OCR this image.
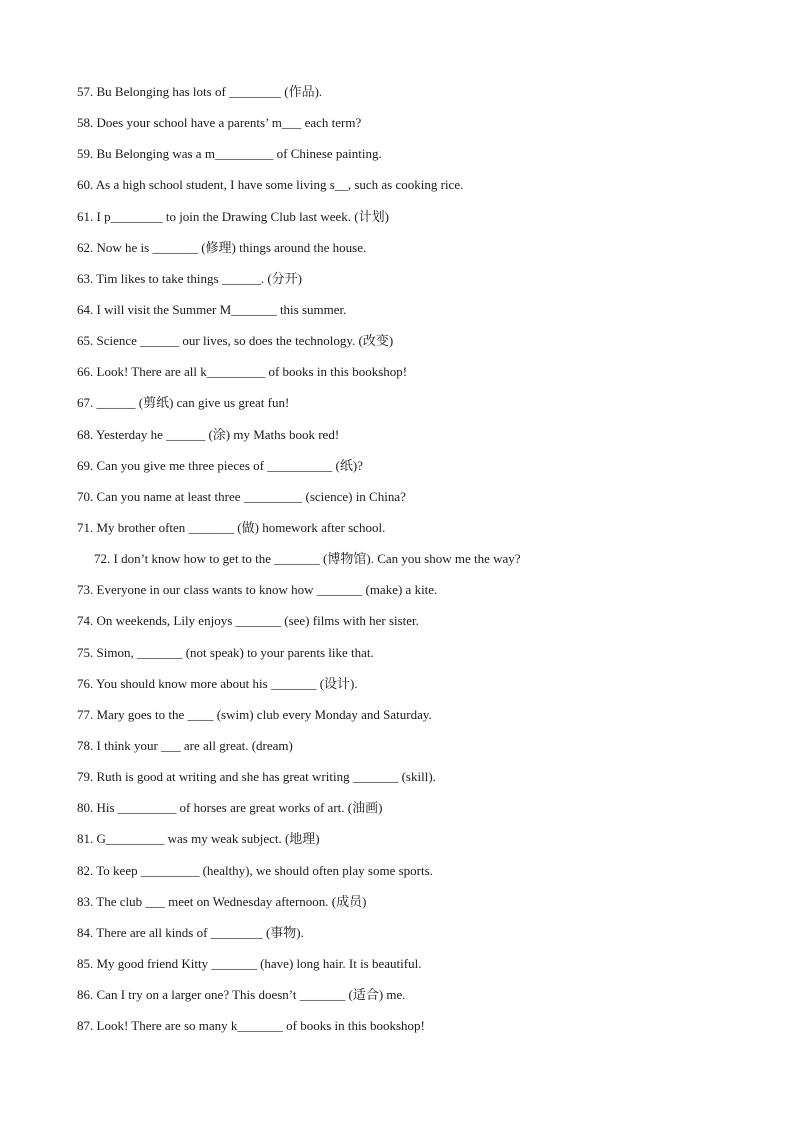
57. Bu Belonging has lots of ________ (作品).
58. Does your school have a parents’ m___ each term?
59. Bu Belonging was a m_________ of Chinese painting.
60. As a high school student, I have some living s__, such as cooking rice.
61. I p________ to join the Drawing Club last week. (计划)
62. Now he is _______ (修理) things around the house.
63. Tim likes to take things ______. (分开)
64. I will visit the Summer M_______ this summer.
65. Science ______ our lives, so does the technology. (改变)
66. Look! There are all k_________ of books in this bookshop!
67. ______ (剪纸) can give us great fun!
68. Yesterday he ______ (涂) my Maths book red!
69. Can you give me three pieces of __________ (纸)?
70. Can you name at least three _________ (science) in China?
71. My brother often _______ (做) homework after school.
72. I don’t know how to get to the _______ (博物馆). Can you show me the way?
73. Everyone in our class wants to know how _______ (make) a kite.
74. On weekends, Lily enjoys _______ (see) films with her sister.
75. Simon, _______ (not speak) to your parents like that.
76. You should know more about his _______ (设计).
77. Mary goes to the ____ (swim) club every Monday and Saturday.
78. I think your ___ are all great. (dream)
79. Ruth is good at writing and she has great writing _______ (skill).
80. His _________ of horses are great works of art. (油画)
81. G_________ was my weak subject. (地理)
82. To keep _________ (healthy), we should often play some sports.
83. The club ___ meet on Wednesday afternoon. (成员)
84. There are all kinds of ________ (事物).
85. My good friend Kitty _______ (have) long hair. It is beautiful.
86. Can I try on a larger one? This doesn’t _______ (适合) me.
87. Look! There are so many k_______ of books in this bookshop!
